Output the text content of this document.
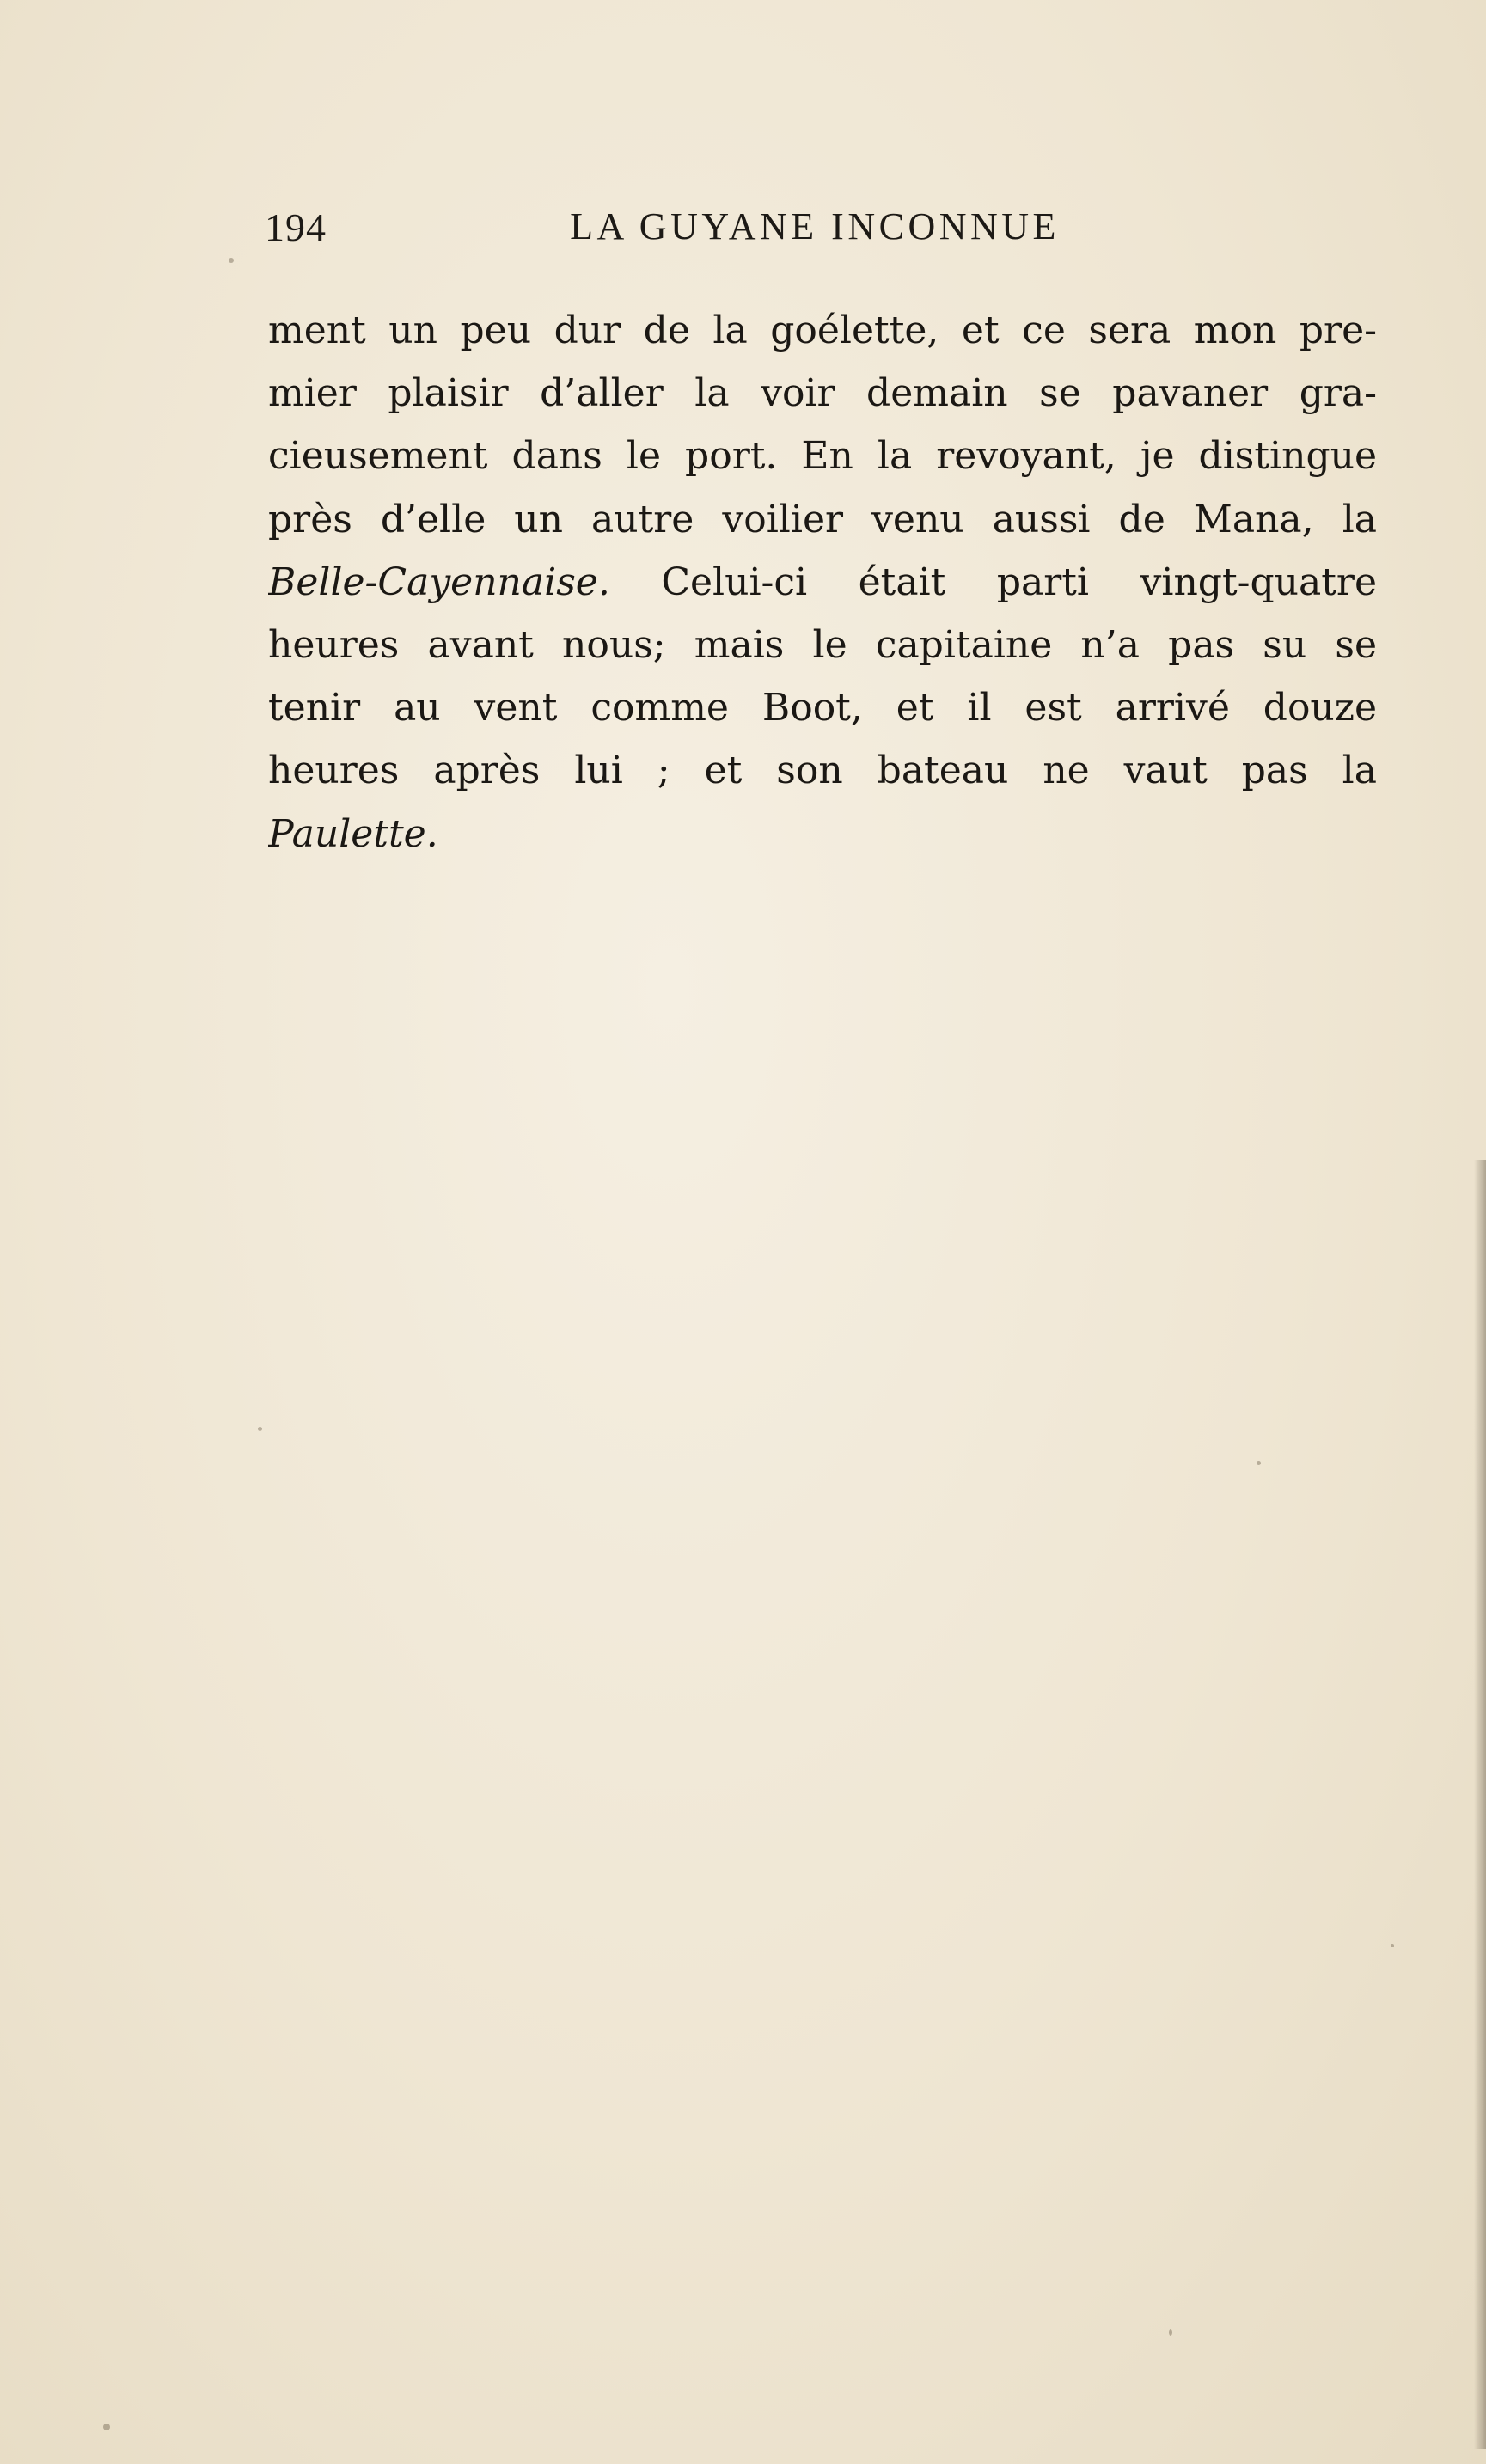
194	LA GUYANE INCONNUE
ment un peu dur de la goélette, et ce sera mon pre-
mier plaisir d’aller la voir demain se pavaner gra-
cieusement dans le port. En la revoyant, je distingue
près d’elle un autre voilier venu aussi de Mana, la
Belle-Cayennaise. Celui-ci était parti vingt-quatre
heures avant nous; mais le capitaine n’a pas su se
tenir au vent comme Boot, et il est arrivé douze
heures après lui ; et son bateau ne vaut pas la
Paulette.
